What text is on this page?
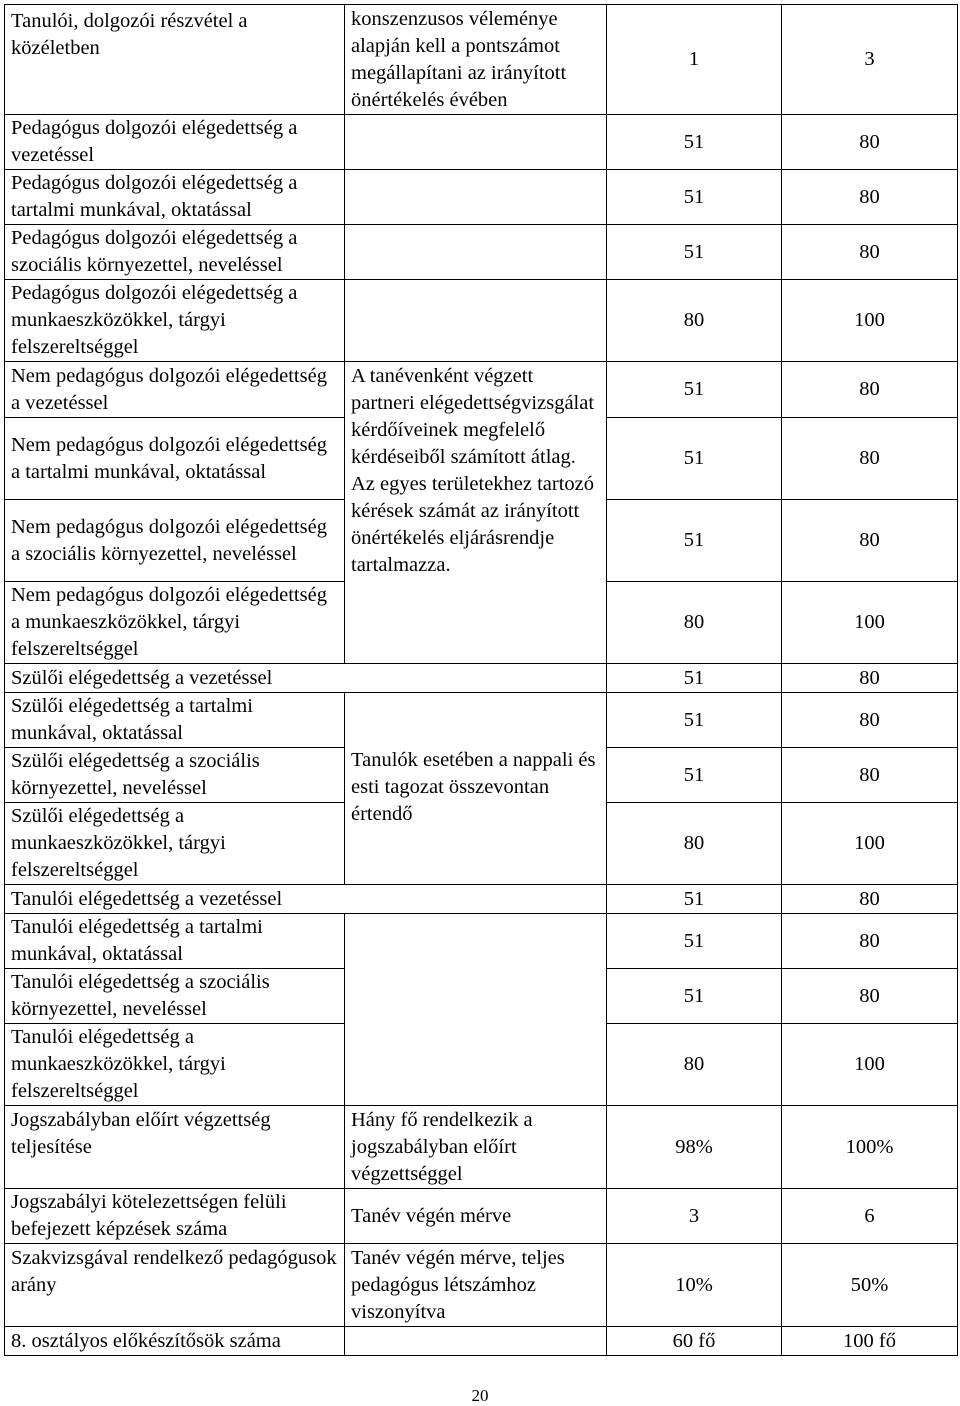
Tanulói, dolgozói részvétel a közéletben	konszenzusos véleménye alapján kell a pontszámot megállapítani az irányított önértékelés évében	1	3
Pedagógus dolgozói elégedettség a vezetéssel		51	80
Pedagógus dolgozói elégedettség a tartalmi munkával, oktatással		51	80
Pedagógus dolgozói elégedettség a szociális környezettel, neveléssel		51	80
Pedagógus dolgozói elégedettség a munkaeszközökkel, tárgyi felszereltséggel		80	100
Nem pedagógus dolgozói elégedettség a vezetéssel	A tanévenként végzett partneri elégedettségvizsgálat kérdőíveinek megfelelő kérdéseiből számított átlag. Az egyes területekhez tartozó kérések számát az irányított önértékelés eljárásrendje tartalmazza.	51	80
Nem pedagógus dolgozói elégedettség a tartalmi munkával, oktatással		51	80
Nem pedagógus dolgozói elégedettség a szociális környezettel, neveléssel		51	80
Nem pedagógus dolgozói elégedettség a munkaeszközökkel, tárgyi felszereltséggel		80	100
Szülői elégedettség a vezetéssel		51	80
Szülői elégedettség a tartalmi munkával, oktatással	Tanulók esetében a nappali és esti tagozat összevontan értendő	51	80
Szülői elégedettség a szociális környezettel, neveléssel		51	80
Szülői elégedettség a munkaeszközökkel, tárgyi felszereltséggel		80	100
Tanulói elégedettség a vezetéssel		51	80
Tanulói elégedettség a tartalmi munkával, oktatással		51	80
Tanulói elégedettség a szociális környezettel, neveléssel		51	80
Tanulói elégedettség a munkaeszközökkel, tárgyi felszereltséggel		80	100
Jogszabályban előírt végzettség teljesítése	Hány fő rendelkezik a jogszabályban előírt végzettséggel	98%	100%
Jogszabályi kötelezettségen felüli befejezett képzések száma	Tanév végén mérve	3	6
Szakvizsgával rendelkező pedagógusok arány	Tanév végén mérve, teljes pedagógus létszámhoz viszonyítva	10%	50%
8. osztályos előkészítősök száma		60 fő	100 fő
20
